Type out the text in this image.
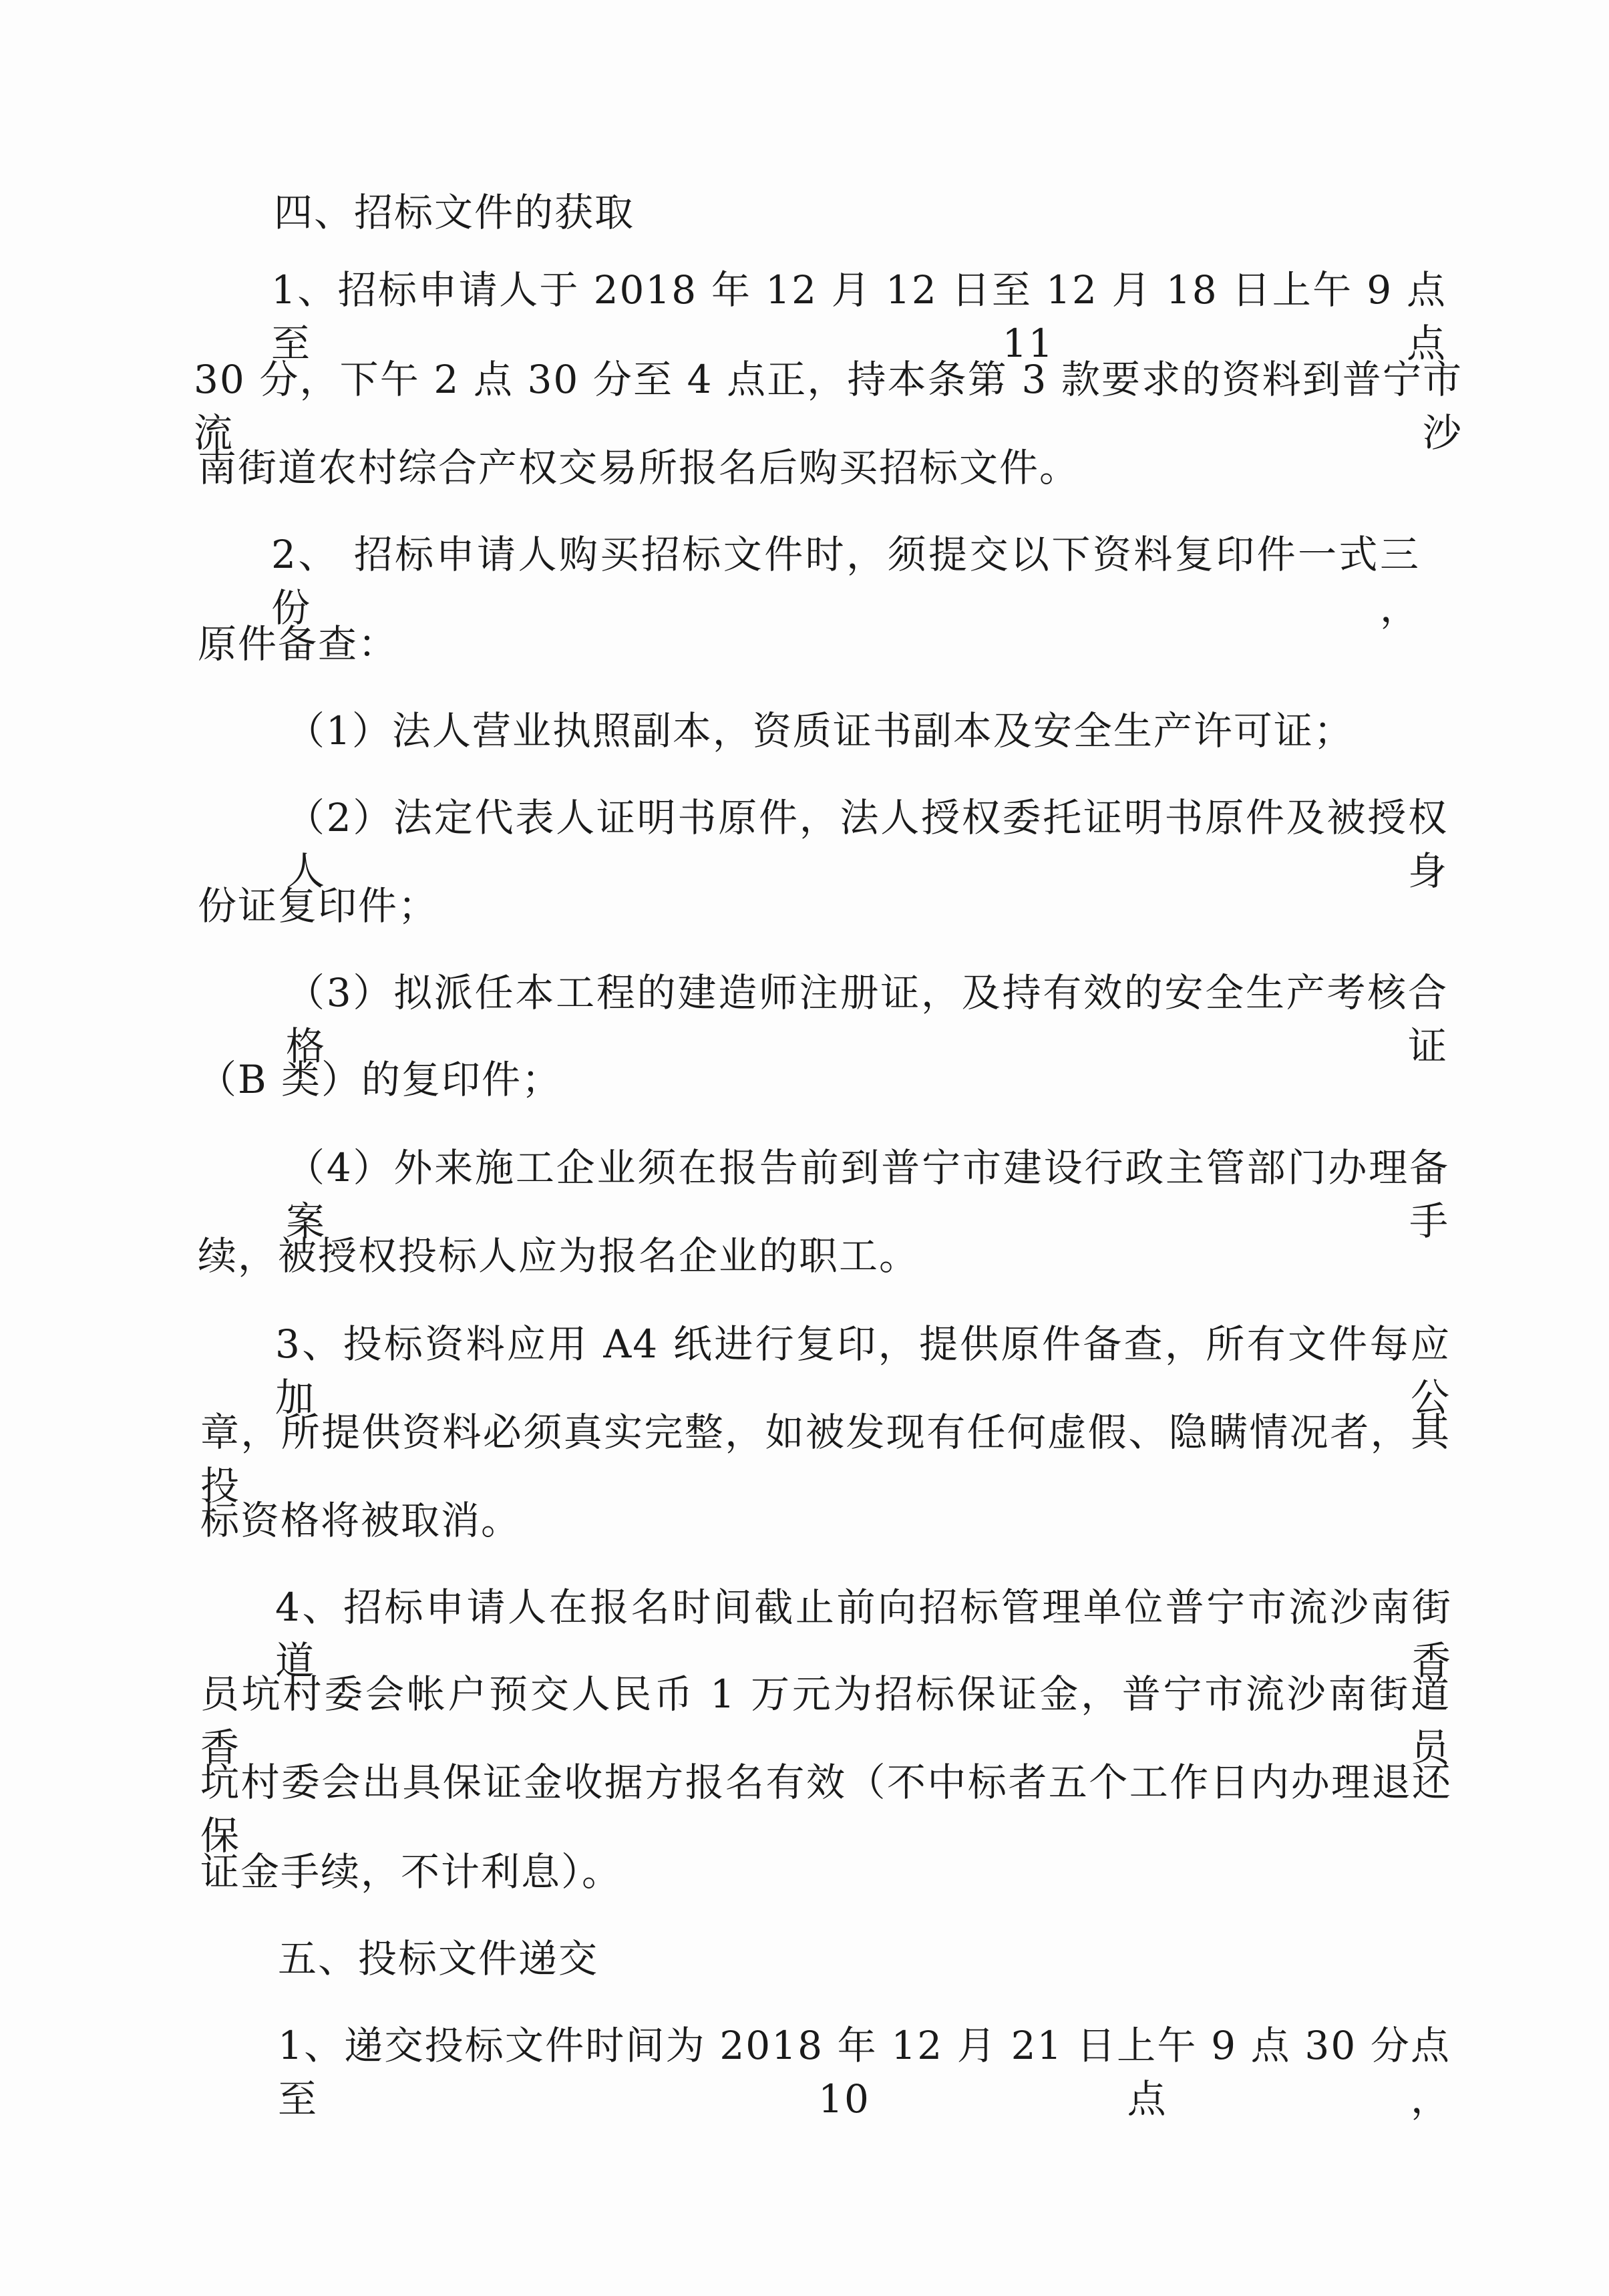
四、招标文件的获取
1、招标申请人于 2018 年 12 月 12 日至 12 月 18 日上午 9 点至 11 点
30 分，下午 2 点 30 分至 4 点正，持本条第 3 款要求的资料到普宁市流沙
南街道农村综合产权交易所报名后购买招标文件。
2、 招标申请人购买招标文件时，须提交以下资料复印件一式三份，
原件备查：
（1）法人营业执照副本，资质证书副本及安全生产许可证；
（2）法定代表人证明书原件，法人授权委托证明书原件及被授权人身
份证复印件；
（3）拟派任本工程的建造师注册证，及持有效的安全生产考核合格证
（B 类）的复印件；
（4）外来施工企业须在报告前到普宁市建设行政主管部门办理备案手
续，被授权投标人应为报名企业的职工。
3、投标资料应用 A4 纸进行复印，提供原件备查，所有文件每应加公
章，所提供资料必须真实完整，如被发现有任何虚假、隐瞒情况者，其投
标资格将被取消。
4、招标申请人在报名时间截止前向招标管理单位普宁市流沙南街道香
员坑村委会帐户预交人民币 1 万元为招标保证金，普宁市流沙南街道香员
坑村委会出具保证金收据方报名有效（不中标者五个工作日内办理退还保
证金手续，不计利息）。
五、投标文件递交
1、递交投标文件时间为 2018 年 12 月 21 日上午 9 点 30 分点至 10 点，
